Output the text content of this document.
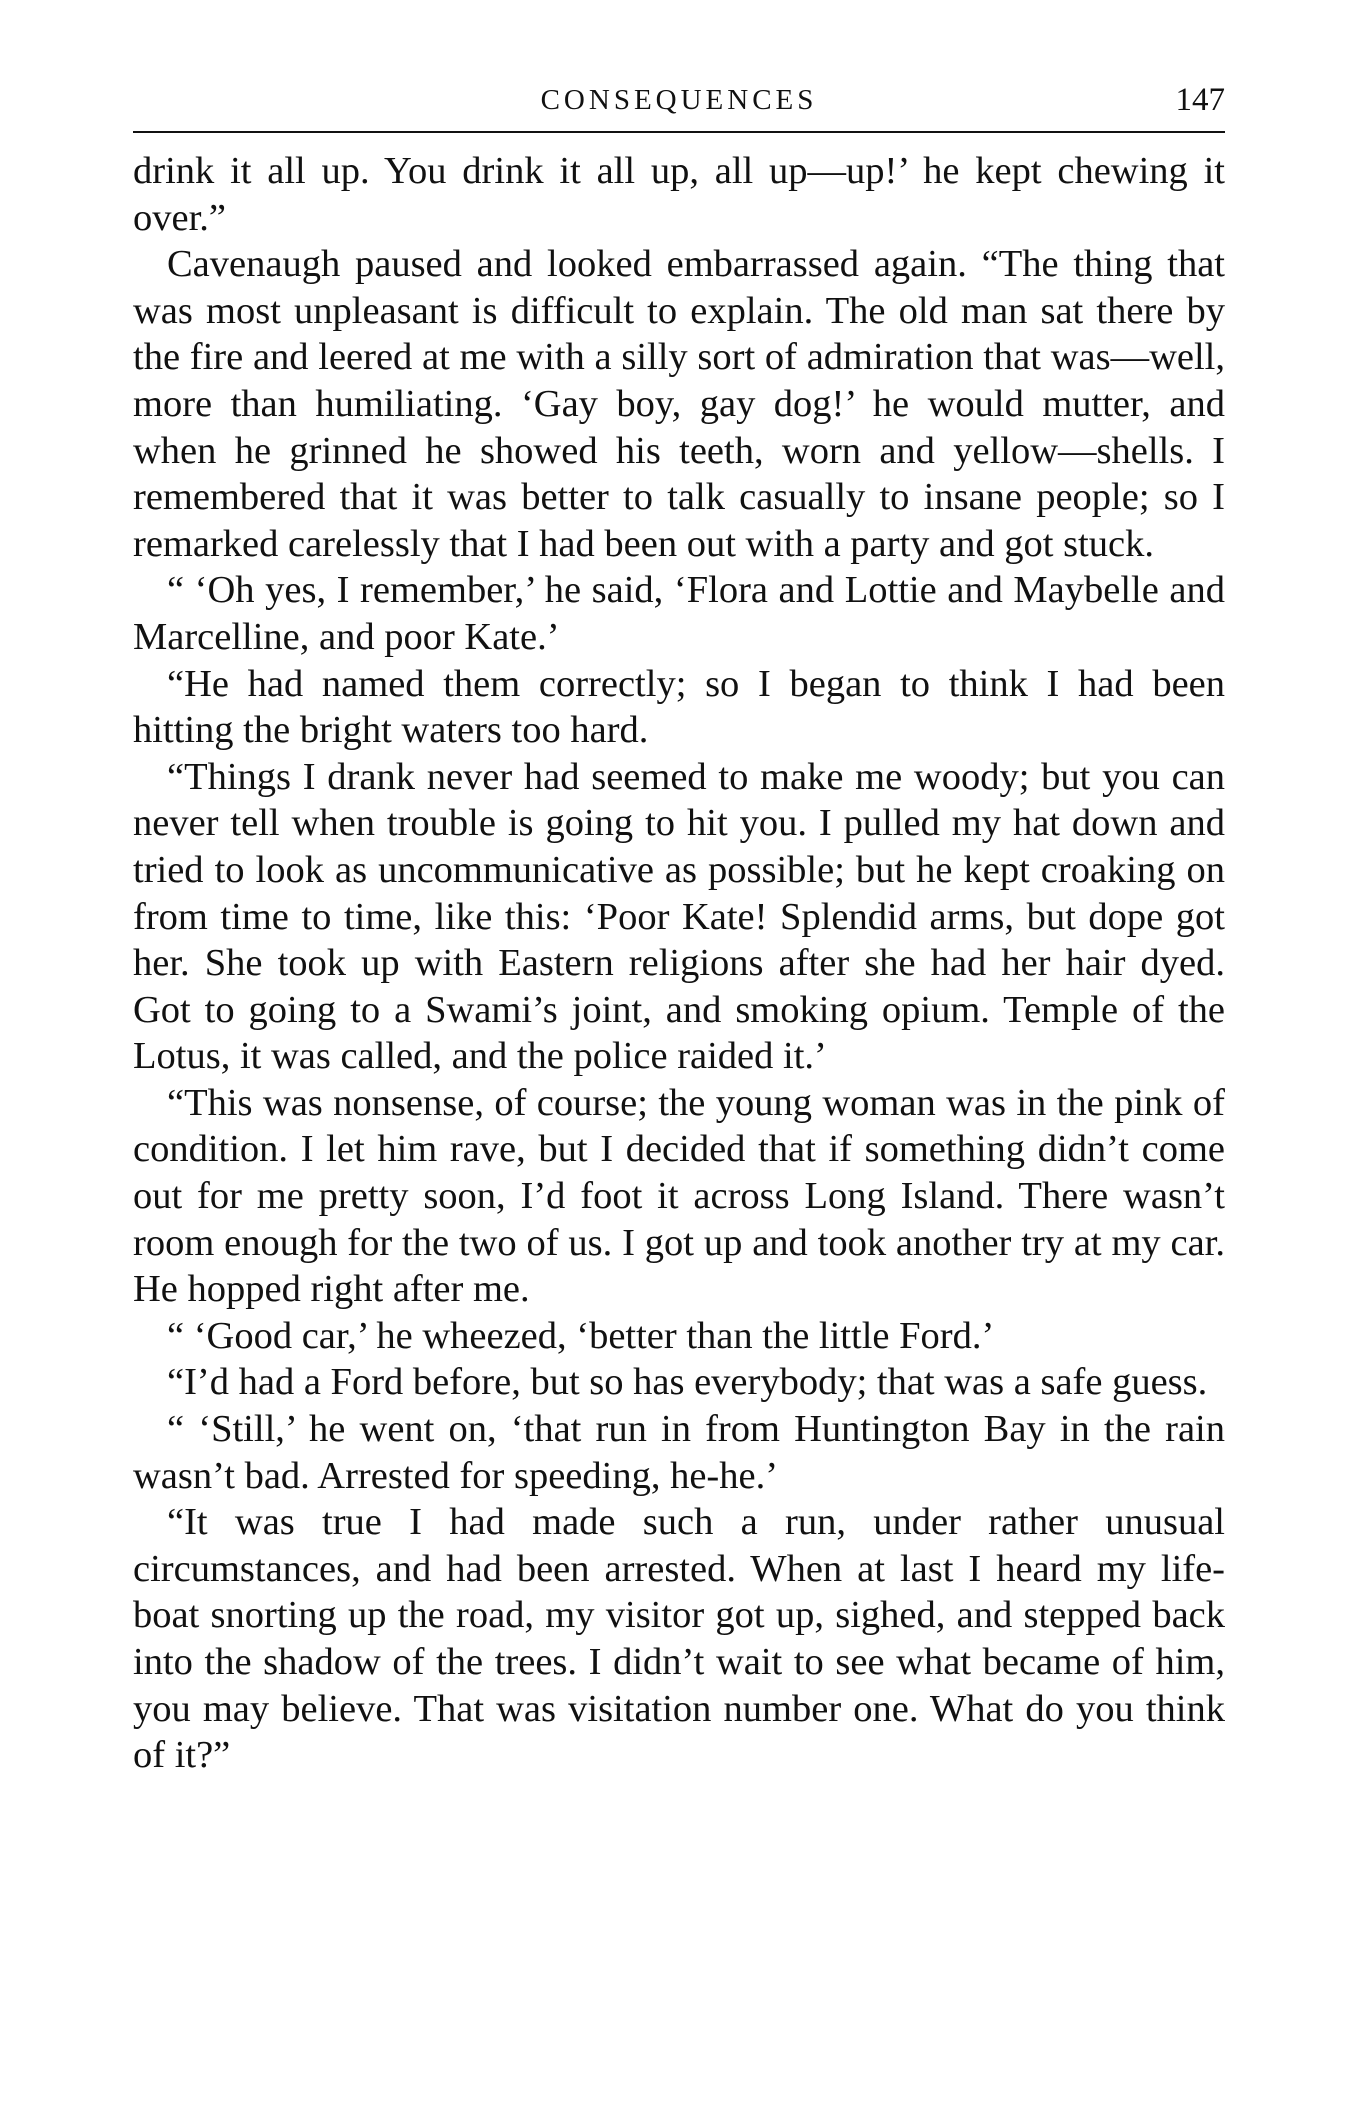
CONSEQUENCES	147

drink it all up. You drink it all up, all up—up!’ he kept chewing it over.”

Cavenaugh paused and looked embarrassed again. “The thing that was most unpleasant is difficult to explain. The old man sat there by the fire and leered at me with a silly sort of admiration that was—well, more than humiliating. ‘Gay boy, gay dog!’ he would mutter, and when he grinned he showed his teeth, worn and yellow—shells. I remembered that it was better to talk casually to insane people; so I remarked carelessly that I had been out with a party and got stuck.

“ ‘Oh yes, I remember,’ he said, ‘Flora and Lottie and Maybelle and Marcelline, and poor Kate.’

“He had named them correctly; so I began to think I had been hitting the bright waters too hard.

“Things I drank never had seemed to make me woody; but you can never tell when trouble is going to hit you. I pulled my hat down and tried to look as uncommunicative as possible; but he kept croaking on from time to time, like this: ‘Poor Kate! Splendid arms, but dope got her. She took up with Eastern religions after she had her hair dyed. Got to going to a Swami’s joint, and smoking opium. Temple of the Lotus, it was called, and the police raided it.’

“This was nonsense, of course; the young woman was in the pink of condition. I let him rave, but I decided that if something didn’t come out for me pretty soon, I’d foot it across Long Island. There wasn’t room enough for the two of us. I got up and took another try at my car. He hopped right after me.

“ ‘Good car,’ he wheezed, ‘better than the little Ford.’

“I’d had a Ford before, but so has everybody; that was a safe guess.

“ ‘Still,’ he went on, ‘that run in from Huntington Bay in the rain wasn’t bad. Arrested for speeding, he-he.’

“It was true I had made such a run, under rather unusual circumstances, and had been arrested. When at last I heard my life-boat snorting up the road, my visitor got up, sighed, and stepped back into the shadow of the trees. I didn’t wait to see what became of him, you may believe. That was visitation number one. What do you think of it?”
